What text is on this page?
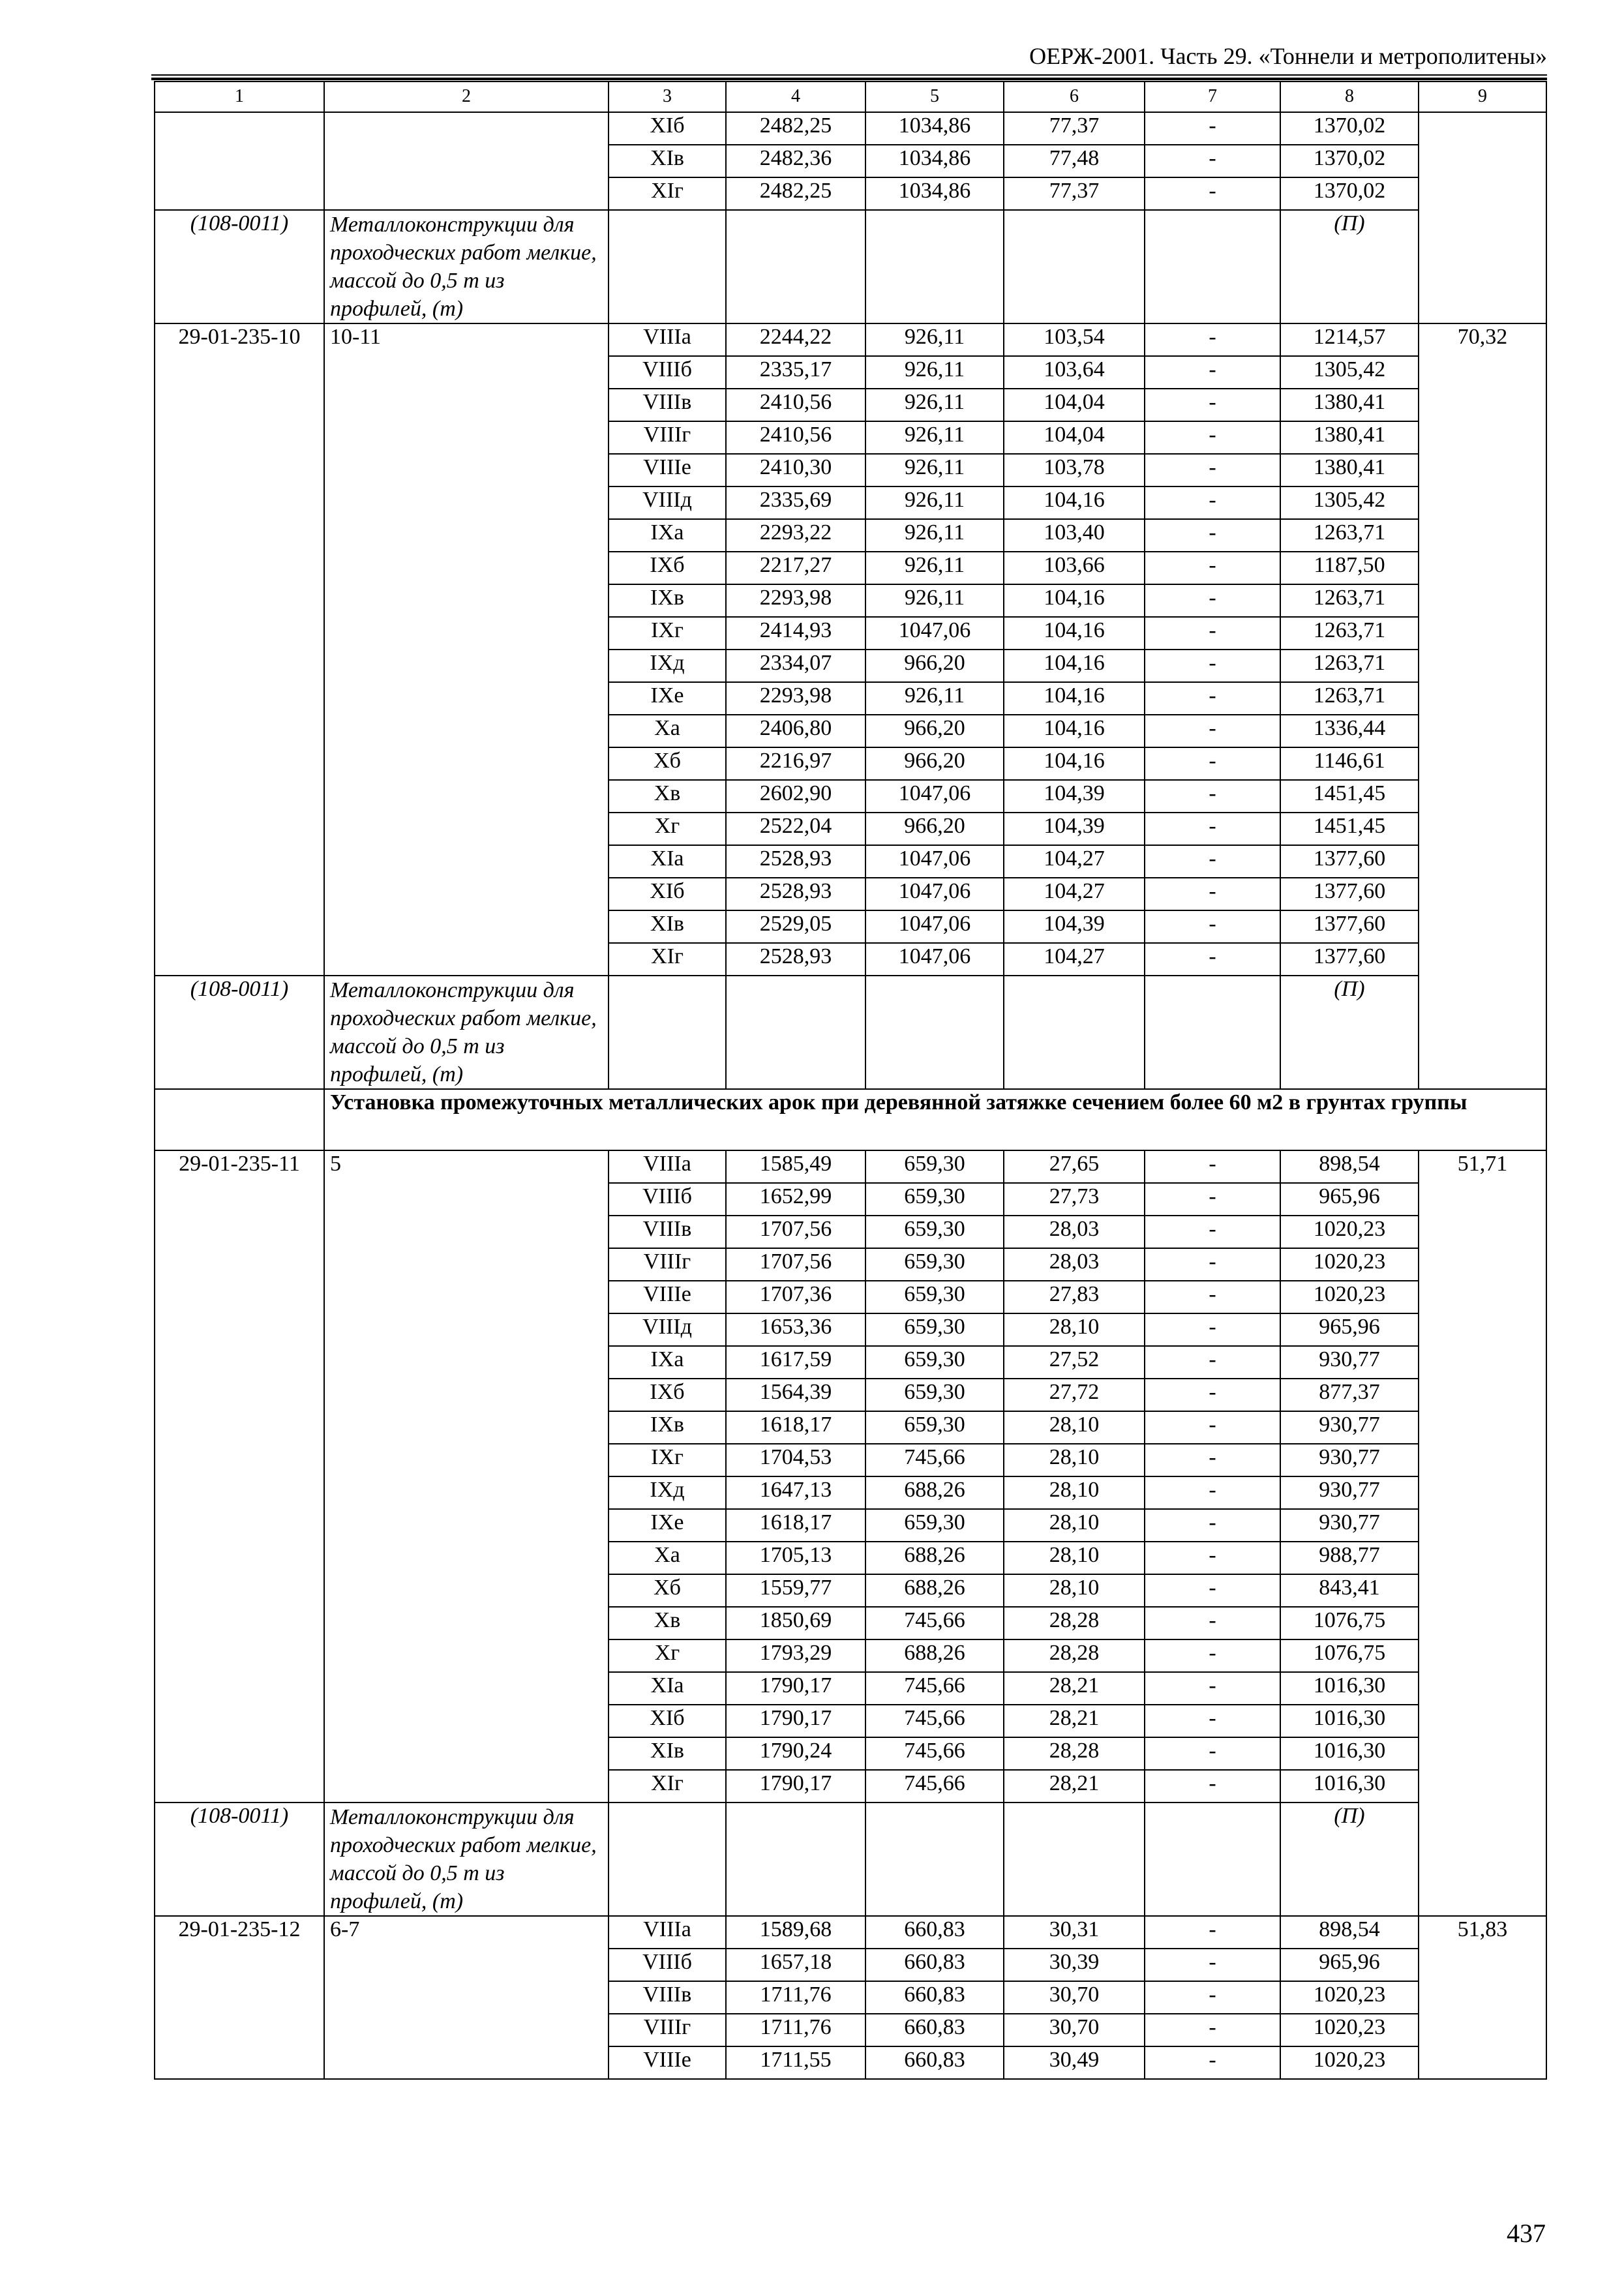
ОЕРЖ-2001. Часть 29. «Тоннели и метрополитены»
1	2	3	4	5	6	7	8	9
		XIб	2482,25	1034,86	77,37	-	1370,02	
		XIв	2482,36	1034,86	77,48	-	1370,02	
		XIг	2482,25	1034,86	77,37	-	1370,02	
(108-0011)	Металлоконструкции для проходческих работ мелкие, массой до 0,5 т из профилей, (т)						(П)	
29-01-235-10	10-11	VIIIа	2244,22	926,11	103,54	-	1214,57	70,32
		VIIIб	2335,17	926,11	103,64	-	1305,42	
		VIIIв	2410,56	926,11	104,04	-	1380,41	
		VIIIг	2410,56	926,11	104,04	-	1380,41	
		VIIIе	2410,30	926,11	103,78	-	1380,41	
		VIIIд	2335,69	926,11	104,16	-	1305,42	
		IXа	2293,22	926,11	103,40	-	1263,71	
		IXб	2217,27	926,11	103,66	-	1187,50	
		IXв	2293,98	926,11	104,16	-	1263,71	
		IXг	2414,93	1047,06	104,16	-	1263,71	
		IXд	2334,07	966,20	104,16	-	1263,71	
		IXе	2293,98	926,11	104,16	-	1263,71	
		Xа	2406,80	966,20	104,16	-	1336,44	
		Xб	2216,97	966,20	104,16	-	1146,61	
		Xв	2602,90	1047,06	104,39	-	1451,45	
		Xг	2522,04	966,20	104,39	-	1451,45	
		XIа	2528,93	1047,06	104,27	-	1377,60	
		XIб	2528,93	1047,06	104,27	-	1377,60	
		XIв	2529,05	1047,06	104,39	-	1377,60	
		XIг	2528,93	1047,06	104,27	-	1377,60	
(108-0011)	Металлоконструкции для проходческих работ мелкие, массой до 0,5 т из профилей, (т)						(П)	
	Установка промежуточных металлических арок при деревянной затяжке сечением более 60 м2 в грунтах группы							
29-01-235-11	5	VIIIа	1585,49	659,30	27,65	-	898,54	51,71
		VIIIб	1652,99	659,30	27,73	-	965,96	
		VIIIв	1707,56	659,30	28,03	-	1020,23	
		VIIIг	1707,56	659,30	28,03	-	1020,23	
		VIIIе	1707,36	659,30	27,83	-	1020,23	
		VIIIд	1653,36	659,30	28,10	-	965,96	
		IXа	1617,59	659,30	27,52	-	930,77	
		IXб	1564,39	659,30	27,72	-	877,37	
		IXв	1618,17	659,30	28,10	-	930,77	
		IXг	1704,53	745,66	28,10	-	930,77	
		IXд	1647,13	688,26	28,10	-	930,77	
		IXе	1618,17	659,30	28,10	-	930,77	
		Xа	1705,13	688,26	28,10	-	988,77	
		Xб	1559,77	688,26	28,10	-	843,41	
		Xв	1850,69	745,66	28,28	-	1076,75	
		Xг	1793,29	688,26	28,28	-	1076,75	
		XIа	1790,17	745,66	28,21	-	1016,30	
		XIб	1790,17	745,66	28,21	-	1016,30	
		XIв	1790,24	745,66	28,28	-	1016,30	
		XIг	1790,17	745,66	28,21	-	1016,30	
(108-0011)	Металлоконструкции для проходческих работ мелкие, массой до 0,5 т из профилей, (т)						(П)	
29-01-235-12	6-7	VIIIа	1589,68	660,83	30,31	-	898,54	51,83
		VIIIб	1657,18	660,83	30,39	-	965,96	
		VIIIв	1711,76	660,83	30,70	-	1020,23	
		VIIIг	1711,76	660,83	30,70	-	1020,23	
		VIIIе	1711,55	660,83	30,49	-	1020,23	
437
